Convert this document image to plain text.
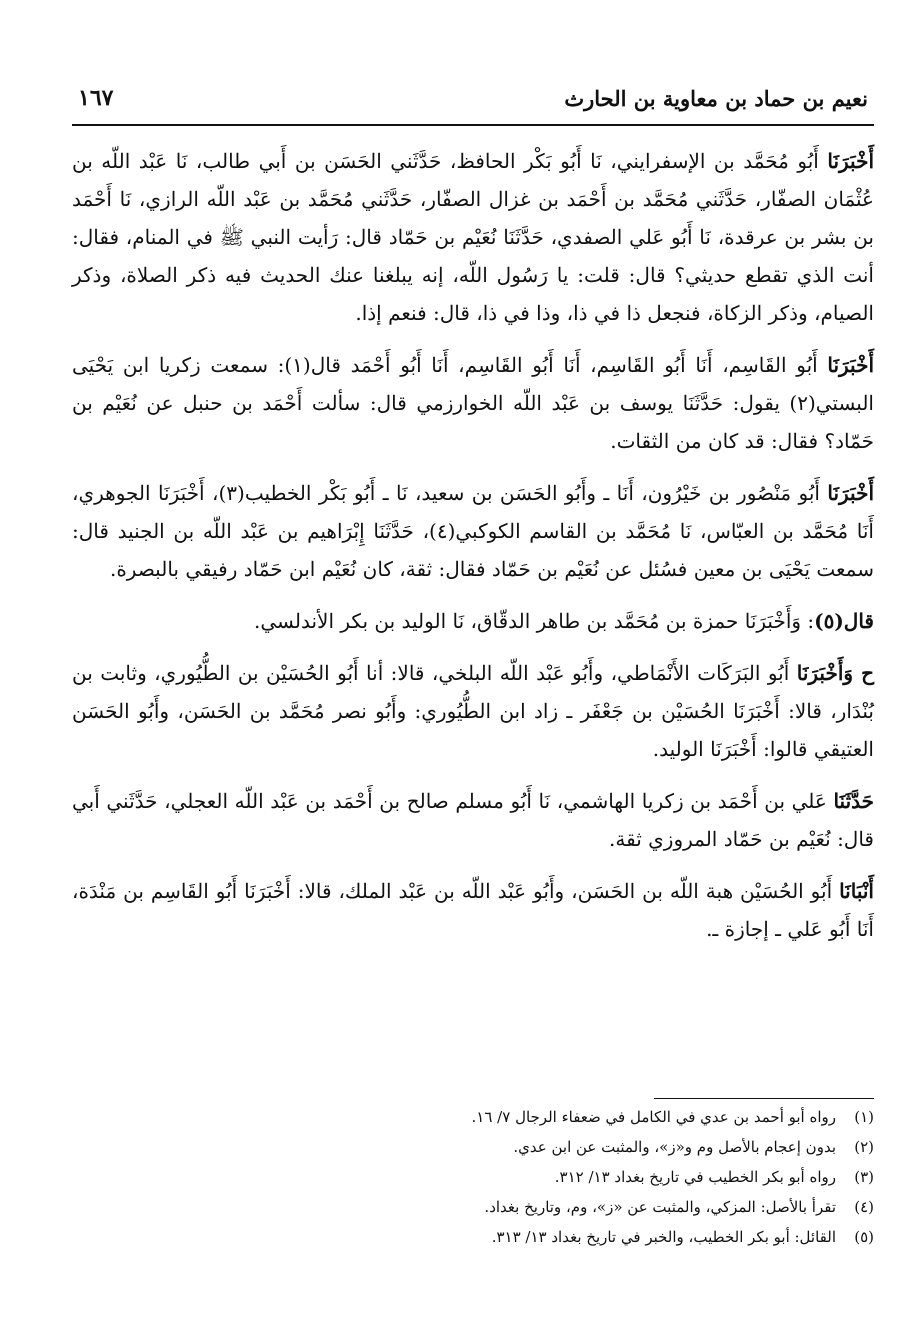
نعيم بن حماد بن معاوية بن الحارث
١٦٧

أَخْبَرَنَا أَبُو مُحَمَّد بن الإسفرايني، نَا أَبُو بَكْر الحافظ، حَدَّثَني الحَسَن بن أَبي طالب، نَا عَبْد اللّه بن عُثْمَان الصفّار، حَدَّثَني مُحَمَّد بن أَحْمَد بن غزال الصفّار، حَدَّثَني مُحَمَّد بن عَبْد اللّه الرازي، نَا أَحْمَد بن بشر بن عرقدة، نَا أَبُو عَلي الصفدي، حَدَّثَنَا نُعَيْم بن حَمّاد قال: رَأيت النبي ﷺ في المنام، فقال: أنت الذي تقطع حديثي؟ قال: قلت: يا رَسُول اللّه، إنه يبلغنا عنك الحديث فيه ذكر الصلاة، وذكر الصيام، وذكر الزكاة، فنجعل ذا في ذا، وذا في ذا، قال: فنعم إذا.

أَخْبَرَنَا أَبُو القَاسِم، أَنَا أَبُو القَاسِم، أَنَا أَبُو القَاسِم، أَنَا أَبُو أَحْمَد قال(١): سمعت زكريا ابن يَحْيَى البستي(٢) يقول: حَدَّثَنَا يوسف بن عَبْد اللّه الخوارزمي قال: سألت أَحْمَد بن حنبل عن نُعَيْم بن حَمّاد؟ فقال: قد كان من الثقات.

أَخْبَرَنَا أَبُو مَنْصُور بن خَيْرُون، أَنَا ـ وأَبُو الحَسَن بن سعيد، نَا ـ أَبُو بَكْر الخطيب(٣)، أَخْبَرَنَا الجوهري، أَنَا مُحَمَّد بن العبّاس، نَا مُحَمَّد بن القاسم الكوكبي(٤)، حَدَّثَنَا إِبْرَاهيم بن عَبْد اللّه بن الجنيد قال: سمعت يَحْيَى بن معين فسُئل عن نُعَيْم بن حَمّاد فقال: ثقة، كان نُعَيْم ابن حَمّاد رفيقي بالبصرة.

قال(٥): وَأَخْبَرَنَا حمزة بن مُحَمَّد بن طاهر الدقّاق، نَا الوليد بن بكر الأندلسي.

ح وَأَخْبَرَنَا أَبُو البَرَكَات الأَنْمَاطي، وأَبُو عَبْد اللّه البلخي، قالا: أنا أَبُو الحُسَيْن بن الطُّيُوري، وثابت بن بُنْدَار، قالا: أَخْبَرَنَا الحُسَيْن بن جَعْفَر ـ زاد ابن الطُّيُوري: وأَبُو نصر مُحَمَّد بن الحَسَن، وأَبُو الحَسَن العتيقي قالوا: أَخْبَرَنَا الوليد.

حَدَّثَنَا عَلي بن أَحْمَد بن زكريا الهاشمي، نَا أَبُو مسلم صالح بن أَحْمَد بن عَبْد اللّه العجلي، حَدَّثَني أَبي قال: نُعَيْم بن حَمّاد المروزي ثقة.

أَنْبَانَا أَبُو الحُسَيْن هبة اللّه بن الحَسَن، وأَبُو عَبْد اللّه بن عَبْد الملك، قالا: أَخْبَرَنَا أَبُو القَاسِم بن مَنْدَة، أَنَا أَبُو عَلي ـ إجازة ـ.

(١)
رواه أبو أحمد بن عدي في الكامل في ضعفاء الرجال ٧/ ١٦.
(٢)
بدون إعجام بالأصل وم و«ز»، والمثبت عن ابن عدي.
(٣)
رواه أبو بكر الخطيب في تاريخ بغداد ١٣/ ٣١٢.
(٤)
تقرأ بالأصل: المزكي، والمثبت عن «ز»، وم، وتاريخ بغداد.
(٥)
القائل: أبو بكر الخطيب، والخبر في تاريخ بغداد ١٣/ ٣١٣.
